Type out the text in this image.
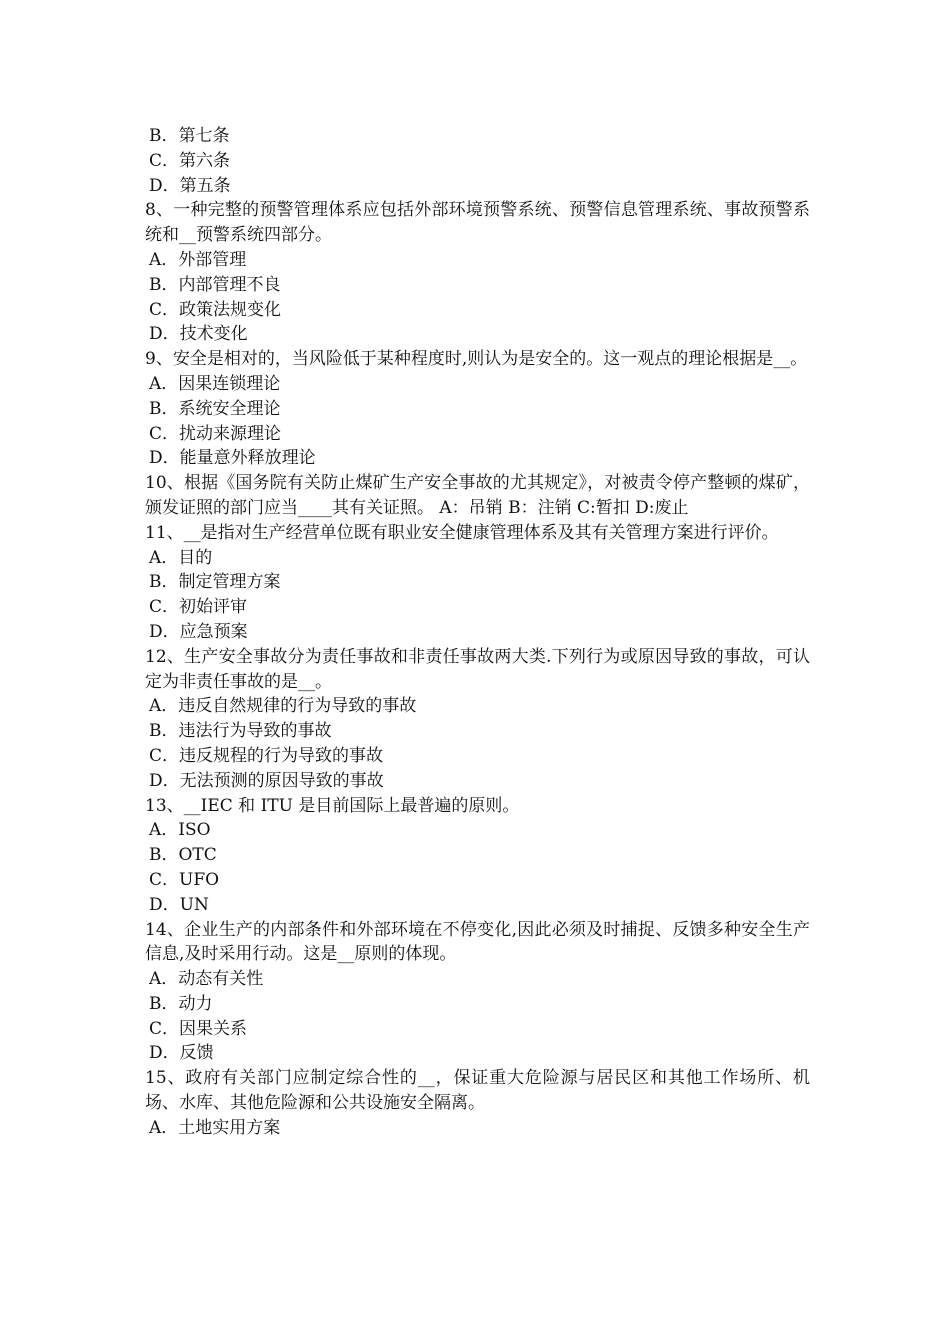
B．第七条
C．第六条
D．第五条
8、一种完整的预警管理体系应包括外部环境预警系统、预警信息管理系统、事故预警系统和__预警系统四部分。
A．外部管理
B．内部管理不良
C．政策法规变化
D．技术变化
9、安全是相对的，当风险低于某种程度时,则认为是安全的。这一观点的理论根据是__。
A．因果连锁理论
B．系统安全理论
C．扰动来源理论
D．能量意外释放理论
10、根据《国务院有关防止煤矿生产安全事故的尤其规定》，对被责令停产整顿的煤矿，颁发证照的部门应当____其有关证照。 A：吊销 B：注销 C:暂扣 D:废止
11、__是指对生产经营单位既有职业安全健康管理体系及其有关管理方案进行评价。
A．目的
B．制定管理方案
C．初始评审
D．应急预案
12、生产安全事故分为责任事故和非责任事故两大类.下列行为或原因导致的事故，可认定为非责任事故的是__。
A．违反自然规律的行为导致的事故
B．违法行为导致的事故
C．违反规程的行为导致的事故
D．无法预测的原因导致的事故
13、__IEC 和 ITU 是目前国际上最普遍的原则。
A．ISO
B．OTC
C．UFO
D．UN
14、企业生产的内部条件和外部环境在不停变化,因此必须及时捕捉、反馈多种安全生产信息,及时采用行动。这是__原则的体现。
A．动态有关性
B．动力
C．因果关系
D．反馈
15、政府有关部门应制定综合性的__，保证重大危险源与居民区和其他工作场所、机场、水库、其他危险源和公共设施安全隔离。
A．土地实用方案
